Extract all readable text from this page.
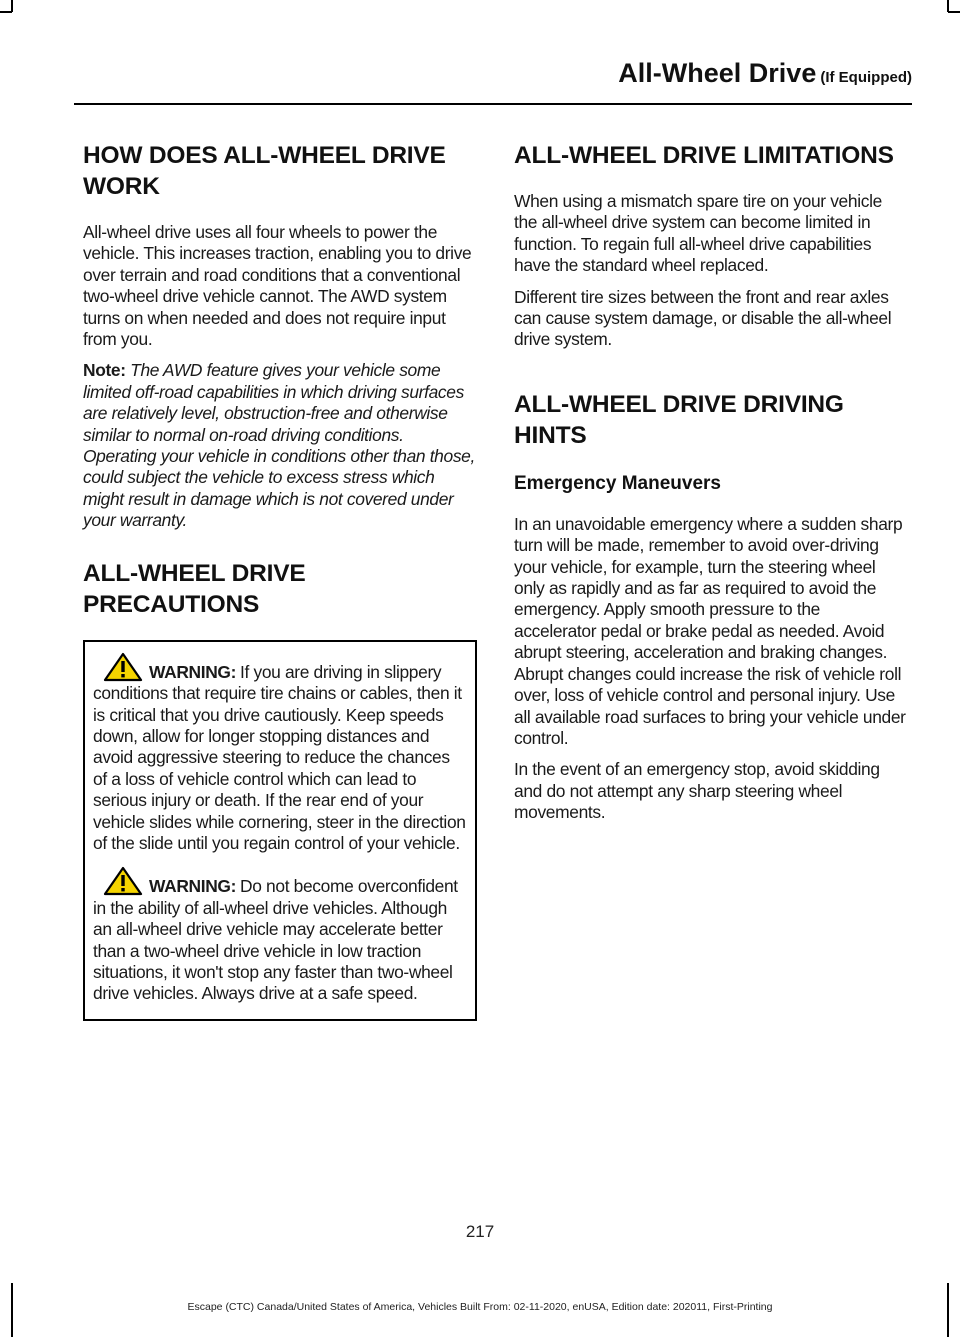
All-Wheel Drive (If Equipped)
HOW DOES ALL-WHEEL DRIVE WORK

All-wheel drive uses all four wheels to power the vehicle. This increases traction, enabling you to drive over terrain and road conditions that a conventional two-wheel drive vehicle cannot. The AWD system turns on when needed and does not require input from you.

Note: The AWD feature gives your vehicle some limited off-road capabilities in which driving surfaces are relatively level, obstruction-free and otherwise similar to normal on-road driving conditions. Operating your vehicle in conditions other than those, could subject the vehicle to excess stress which might result in damage which is not covered under your warranty.

ALL-WHEEL DRIVE PRECAUTIONS

WARNING: If you are driving in slippery conditions that require tire chains or cables, then it is critical that you drive cautiously. Keep speeds down, allow for longer stopping distances and avoid aggressive steering to reduce the chances of a loss of vehicle control which can lead to serious injury or death. If the rear end of your vehicle slides while cornering, steer in the direction of the slide until you regain control of your vehicle.

WARNING: Do not become overconfident in the ability of all-wheel drive vehicles. Although an all-wheel drive vehicle may accelerate better than a two-wheel drive vehicle in low traction situations, it won't stop any faster than two-wheel drive vehicles. Always drive at a safe speed.

ALL-WHEEL DRIVE LIMITATIONS

When using a mismatch spare tire on your vehicle the all-wheel drive system can become limited in function. To regain full all-wheel drive capabilities have the standard wheel replaced.

Different tire sizes between the front and rear axles can cause system damage, or disable the all-wheel drive system.

ALL-WHEEL DRIVE DRIVING HINTS
Emergency Maneuvers

In an unavoidable emergency where a sudden sharp turn will be made, remember to avoid over-driving your vehicle, for example, turn the steering wheel only as rapidly and as far as required to avoid the emergency. Apply smooth pressure to the accelerator pedal or brake pedal as needed. Avoid abrupt steering, acceleration and braking changes. Abrupt changes could increase the risk of vehicle roll over, loss of vehicle control and personal injury. Use all available road surfaces to bring your vehicle under control.

In the event of an emergency stop, avoid skidding and do not attempt any sharp steering wheel movements.

217
Escape (CTC) Canada/United States of America, Vehicles Built From: 02-11-2020, enUSA, Edition date: 202011, First-Printing
